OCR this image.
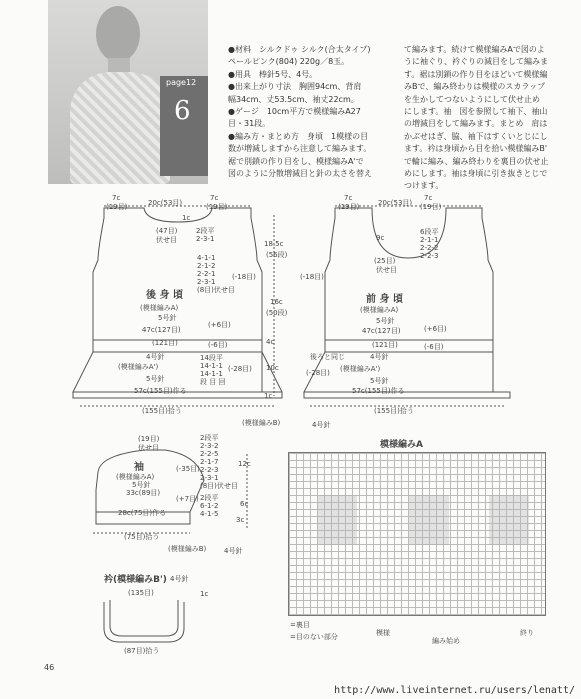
page12
6
●材料　シルクドゥ シルク(合太タイプ)
ペールピンク(804) 220g／8玉。
●用具　棒針5号、4号。
●出来上がり寸法　胸囲94cm、背肩
幅34cm、丈53.5cm、袖丈22cm。
●ゲージ　10cm平方で模様編みA27
目・31段。
●編み方・まとめ方　身頃　1模様の目
数が増減しますから注意して編みます。
裾で別鎖の作り目をし、模様編みA'で
図のように分散増減目と針の太さを替え
て編みます。続けて模様編みAで図のよ
うに袖ぐり、衿ぐりの減目をして編みま
す。裾は別鎖の作り目をほどいて模様編
みBで、編み終わりは模様のスカラップ
を生かしてつないようにして伏せ止め
にします。袖　図を参照して袖下、袖山
の増減目をして編みます。まとめ　肩は
かぶせはぎ、脇、袖下はすくいとじにし
ます。衿は身頃から目を拾い模様編みB'
で輪に編み、編み終わりを裏目の伏せ止
めにします。袖は身頃に引き抜きとじで
つけます。
7c
(19目)	20c(53目)
7c
(19目)
1c
(47目)
伏せ目
2段平
2-3-1
4-1-1
2-1-2
2-2-1
2-3-1
(8目)伏せ目
(-18目)
18.5c
(56段)
16c
(50段)
後 身 頃
(模様編みA)
5号針
47c(127目)
(+6目)
(121目)	(-6目)	4c
4号針
(模様編みA')
5号針
14段平
14-1-1
14-1-1
段 目 回
(-28目)
57c(155目)作る
(155目)拾う
10c
1c
7c
(19目)	20c(53目)
7c
(19目)
9c
(25目)
伏せ目
6段平
2-1-1
2-2-2
2-2-3
(-18目)
前 身 頃
(模様編みA)
5号針
47c(127目)	(+6目)
(121目)	(-6目)
後ろと同じ	4号針
(模様編みA')
5号針
(-28目)
57c(155目)作る
(155目)拾う
(模様編みB)	4号針
(19目)
伏せ目
2段平
2-3-2
2-2-5
2-1-7
2-2-3
2-3-1
(8目)伏せ目
(-35目)
12c
袖
(模様編みA)
5号針
33c(89目)
(+7目) 2段平
6-1-2
4-1-5
6c
28c(75目)作る
3c
(75目)拾う
(模様編みB)	4号針
衿(模様編みB') 4号針
(135目)
(87目)拾う
1c
模様編みA
=裏目
=目のない部分	編み始め
模様	終り
46
http://www.liveinternet.ru/users/lenatt/
